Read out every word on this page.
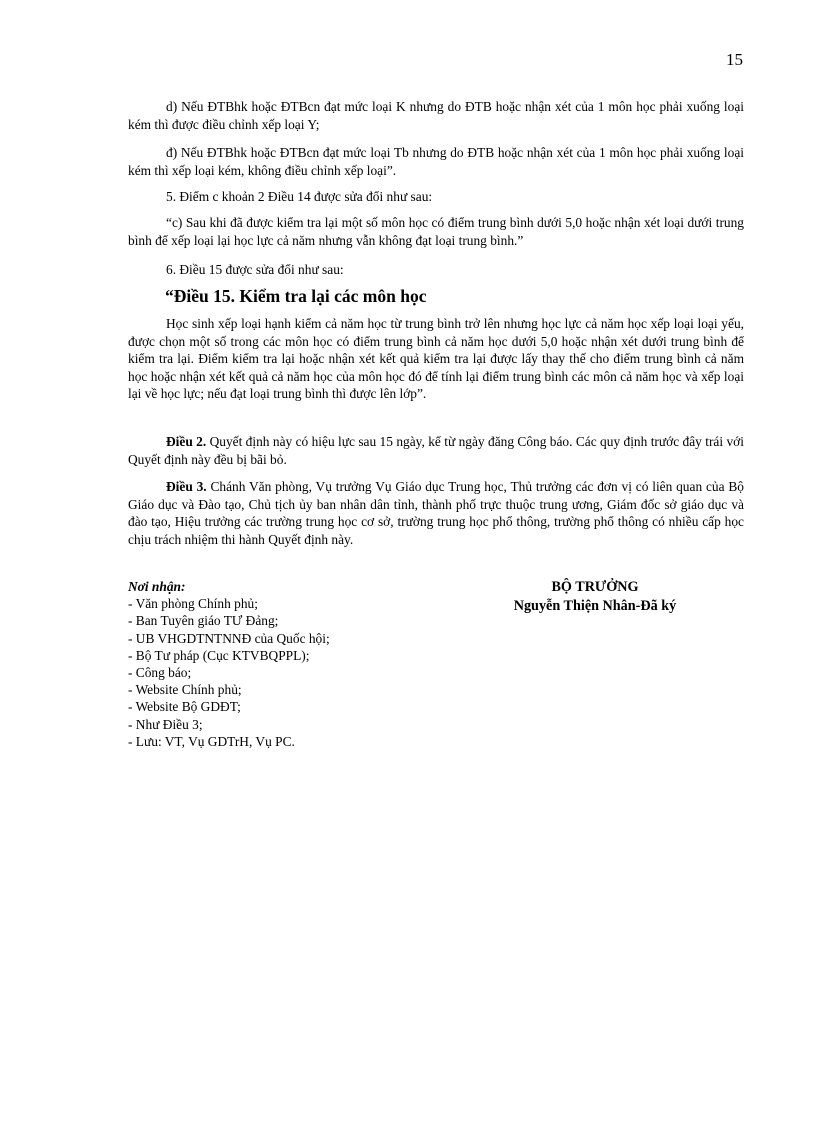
15
d) Nếu ĐTBhk hoặc ĐTBcn đạt mức loại K nhưng do ĐTB hoặc nhận xét của 1 môn học phải xuống loại kém thì được điều chỉnh xếp loại Y;
đ) Nếu ĐTBhk hoặc ĐTBcn đạt mức loại Tb nhưng do ĐTB hoặc nhận xét của 1 môn học phải xuống loại kém thì xếp loại kém, không điều chỉnh xếp loại”.
5. Điểm c khoản 2 Điều 14 được sửa đổi như sau:
“c) Sau khi đã được kiểm tra lại một số môn học có điểm trung bình dưới 5,0 hoặc nhận xét loại dưới trung bình để xếp loại lại học lực cả năm nhưng vẫn không đạt loại trung bình.”
6. Điều 15 được sửa đổi như sau:
“Điều 15. Kiểm tra lại các môn học
Học sinh xếp loại hạnh kiểm cả năm học từ trung bình trở lên nhưng học lực cả năm học xếp loại loại yếu, được chọn một số trong các môn học có điểm trung bình cả năm học dưới 5,0 hoặc nhận xét dưới trung bình để kiểm tra lại. Điểm kiểm tra lại hoặc nhận xét kết quả kiểm tra lại được lấy thay thế cho điểm trung bình cả năm học hoặc nhận xét kết quả cả năm học của môn học đó để tính lại điểm trung bình các môn cả năm học và xếp loại lại về học lực; nếu đạt loại trung bình thì được lên lớp”.
Điều 2. Quyết định này có hiệu lực sau 15 ngày, kể từ ngày đăng Công báo. Các quy định trước đây trái với Quyết định này đều bị bãi bỏ.
Điều 3. Chánh Văn phòng, Vụ trưởng Vụ Giáo dục Trung học, Thủ trưởng các đơn vị có liên quan của Bộ Giáo dục và Đào tạo, Chủ tịch ủy ban nhân dân tỉnh, thành phố trực thuộc trung ương, Giám đốc sở giáo dục và đào tạo, Hiệu trưởng các trường trung học cơ sở, trường trung học phổ thông, trường phổ thông có nhiều cấp học chịu trách nhiệm thi hành Quyết định này.
Nơi nhận:
- Văn phòng Chính phủ;
- Ban Tuyên giáo TƯ Đảng;
- UB VHGDTNTNNĐ của Quốc hội;
- Bộ Tư pháp (Cục KTVBQPPL);
- Công báo;
- Website Chính phủ;
- Website Bộ GDĐT;
- Như Điều 3;
- Lưu: VT, Vụ GDTrH, Vụ PC.
BỘ TRƯỞNG
Nguyễn Thiện Nhân-Đã ký
